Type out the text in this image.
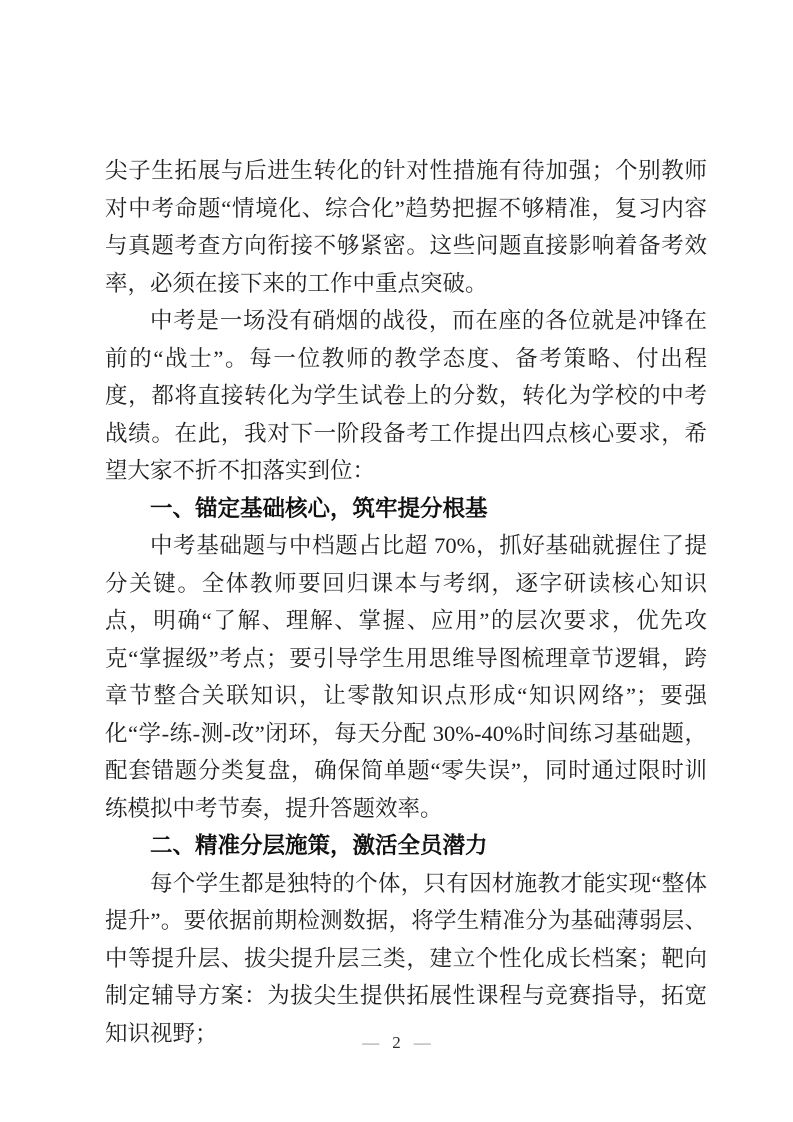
尖子生拓展与后进生转化的针对性措施有待加强；个别教师对中考命题“情境化、综合化”趋势把握不够精准，复习内容与真题考查方向衔接不够紧密。这些问题直接影响着备考效率，必须在接下来的工作中重点突破。

中考是一场没有硝烟的战役，而在座的各位就是冲锋在前的“战士”。每一位教师的教学态度、备考策略、付出程度，都将直接转化为学生试卷上的分数，转化为学校的中考战绩。在此，我对下一阶段备考工作提出四点核心要求，希望大家不折不扣落实到位：

一、锚定基础核心，筑牢提分根基

中考基础题与中档题占比超 70%，抓好基础就握住了提分关键。全体教师要回归课本与考纲，逐字研读核心知识点，明确“了解、理解、掌握、应用”的层次要求，优先攻克“掌握级”考点；要引导学生用思维导图梳理章节逻辑，跨章节整合关联知识，让零散知识点形成“知识网络”；要强化“学-练-测-改”闭环，每天分配 30%-40%时间练习基础题，配套错题分类复盘，确保简单题“零失误”，同时通过限时训练模拟中考节奏，提升答题效率。

二、精准分层施策，激活全员潜力

每个学生都是独特的个体，只有因材施教才能实现“整体提升”。要依据前期检测数据，将学生精准分为基础薄弱层、中等提升层、拔尖提升层三类，建立个性化成长档案；靶向制定辅导方案：为拔尖生提供拓展性课程与竞赛指导，拓宽知识视野；	— 2 —
